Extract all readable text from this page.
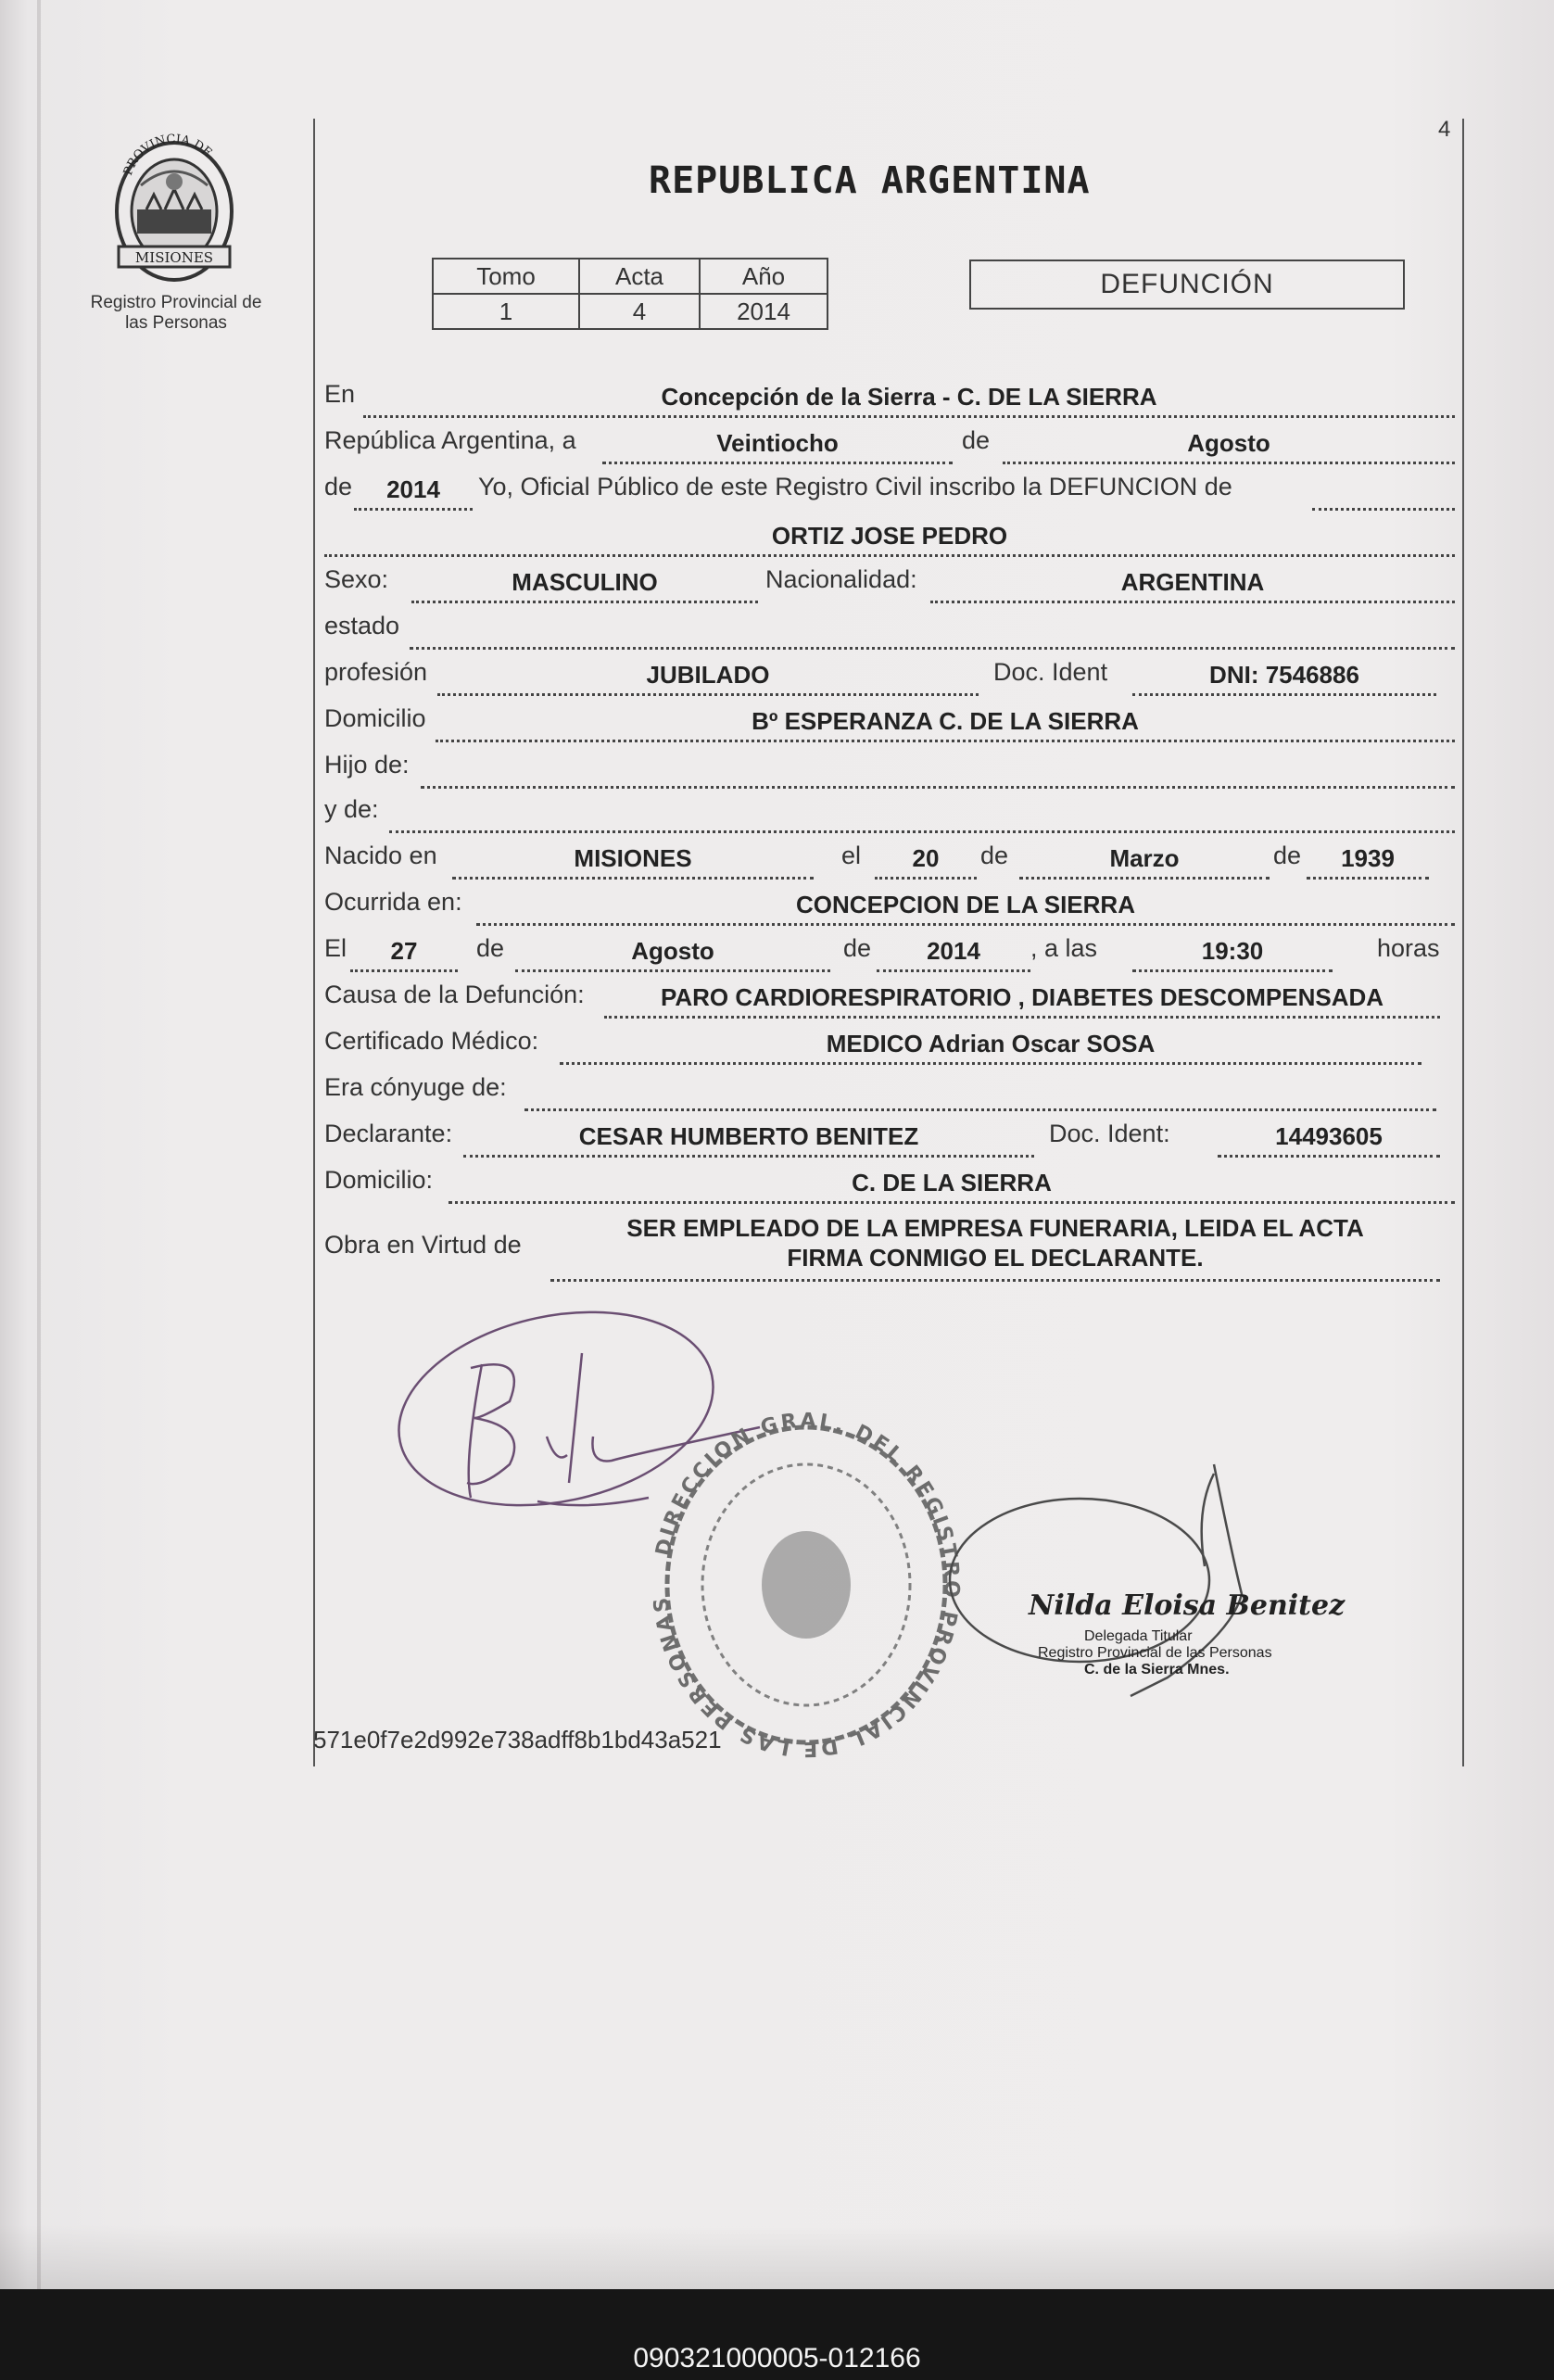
4
PROVINCIA DE
MISIONES
Registro Provincial de
las Personas
REPUBLICA ARGENTINA
Tomo	Acta	Año
1	4	2014
DEFUNCIÓN
En	Concepción de la Sierra - C. DE LA SIERRA
República Argentina, a	Veintiocho	de	Agosto
de	2014	Yo, Oficial Público de este Registro Civil inscribo la DEFUNCION de
ORTIZ JOSE PEDRO
Sexo:	MASCULINO	Nacionalidad:	ARGENTINA
estado
profesión	JUBILADO	Doc. Ident	DNI: 7546886
Domicilio	Bº ESPERANZA C. DE LA SIERRA
Hijo de:
y de:
Nacido en	MISIONES	el	20	de	Marzo	de	1939
Ocurrida en:	CONCEPCION DE LA SIERRA
El	27	de	Agosto	de	2014	, a las	19:30	horas
Causa de la Defunción:	PARO CARDIORESPIRATORIO , DIABETES DESCOMPENSADA
Certificado Médico:	MEDICO Adrian Oscar SOSA
Era cónyuge de:
Declarante:	CESAR HUMBERTO BENITEZ	Doc. Ident:	14493605
Domicilio:	C. DE LA SIERRA
Obra en Virtud de
SER EMPLEADO DE LA EMPRESA FUNERARIA, LEIDA EL ACTA
FIRMA CONMIGO EL DECLARANTE.
DIRECCION GRAL. DEL REGISTRO PROVINCIAL DE LAS PERSONAS	Nilda Eloisa Benitez
Delegada Titular
Registro Provincial de las Personas
C. de la Sierra Mnes.
571e0f7e2d992e738adff8b1bd43a521
090321000005-012166
